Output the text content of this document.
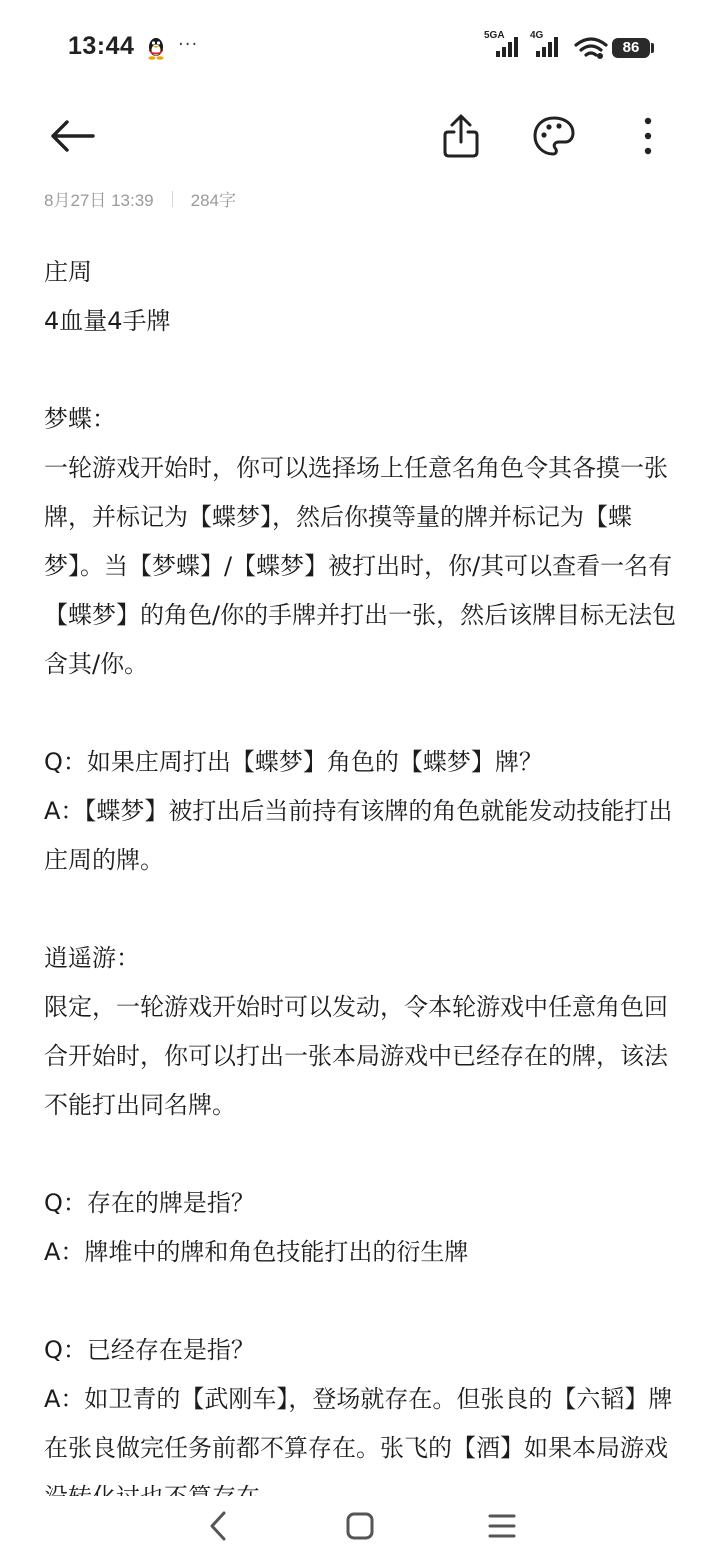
13:44 ···	5GA	4G
86
8月27日 13:39 284字

庄周

4血量4手牌

梦蝶：

一轮游戏开始时，你可以选择场上任意名角色令其各摸一张牌，并标记为【蝶梦】，然后你摸等量的牌并标记为【蝶梦】。当【梦蝶】/【蝶梦】被打出时，你/其可以查看一名有【蝶梦】的角色/你的手牌并打出一张，然后该牌目标无法包含其/你。

Q：如果庄周打出【蝶梦】角色的【蝶梦】牌？

A：【蝶梦】被打出后当前持有该牌的角色就能发动技能打出庄周的牌。

逍遥游：

限定，一轮游戏开始时可以发动，令本轮游戏中任意角色回合开始时，你可以打出一张本局游戏中已经存在的牌，该法不能打出同名牌。

Q：存在的牌是指？

A：牌堆中的牌和角色技能打出的衍生牌

Q：已经存在是指？

A：如卫青的【武刚车】，登场就存在。但张良的【六韬】牌在张良做完任务前都不算存在。张飞的【酒】如果本局游戏
